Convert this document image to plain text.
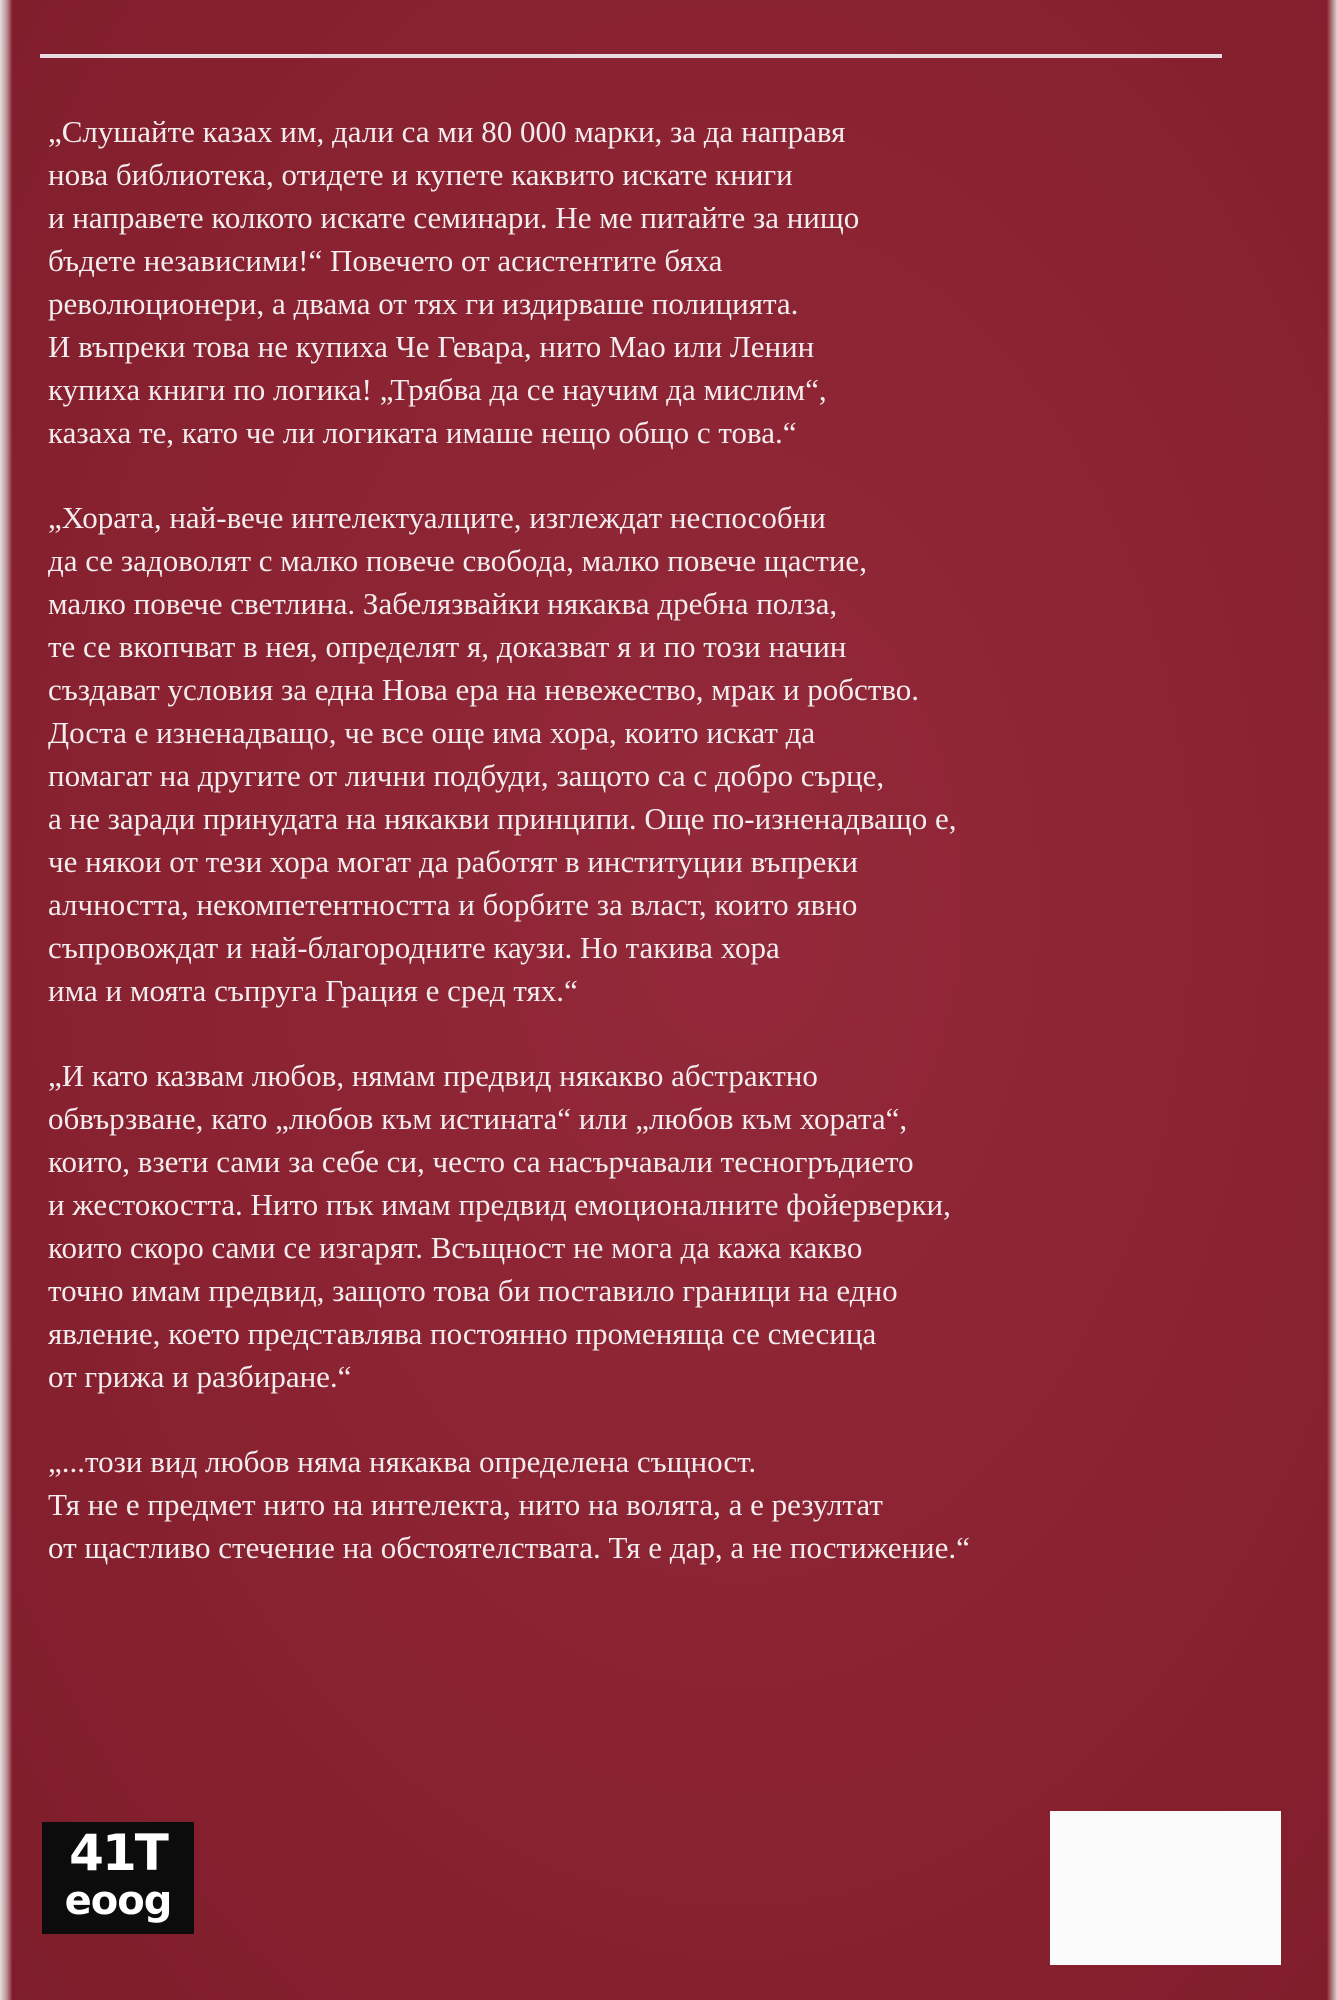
„Слушайте казах им, дали са ми 80 000 марки, за да направя
нова библиотека, отидете и купете каквито искате книги
и направете колкото искате семинари. Не ме питайте за нищо
бъдете независими!“ Повечето от асистентите бяха
революционери, а двама от тях ги издирваше полицията.
И въпреки това не купиха Че Гевара, нито Мао или Ленин
купиха книги по логика! „Трябва да се научим да мислим“,
казаха те, като че ли логиката имаше нещо общо с това.“

„Хората, най-вече интелектуалците, изглеждат неспособни
да се задоволят с малко повече свобода, малко повече щастие,
малко повече светлина. Забелязвайки някаква дребна полза,
те се вкопчват в нея, определят я, доказват я и по този начин
създават условия за една Нова ера на невежество, мрак и робство.
Доста е изненадващо, че все още има хора, които искат да
помагат на другите от лични подбуди, защото са с добро сърце,
а не заради принудата на някакви принципи. Още по-изненадващо е,
че някои от тези хора могат да работят в институции въпреки
алчността, некомпетентността и борбите за власт, които явно
съпровождат и най-благородните каузи. Но такива хора
има и моята съпруга Грация е сред тях.“

„И като казвам любов, нямам предвид някакво абстрактно
обвързване, като „любов към истината“ или „любов към хората“,
които, взети сами за себе си, често са насърчавали тесногръдието
и жестокостта. Нито пък имам предвид емоционалните фойерверки,
които скоро сами се изгарят. Всъщност не мога да кажа какво
точно имам предвид, защото това би поставило граници на едно
явление, което представлява постоянно променяща се смесица
от грижа и разбиране.“

„...този вид любов няма някаква определена същност.
Тя не е предмет нито на интелекта, нито на волята, а е резултат
от щастливо стечение на обстоятелствата. Тя е дар, а не постижение.“

41T
eoog
